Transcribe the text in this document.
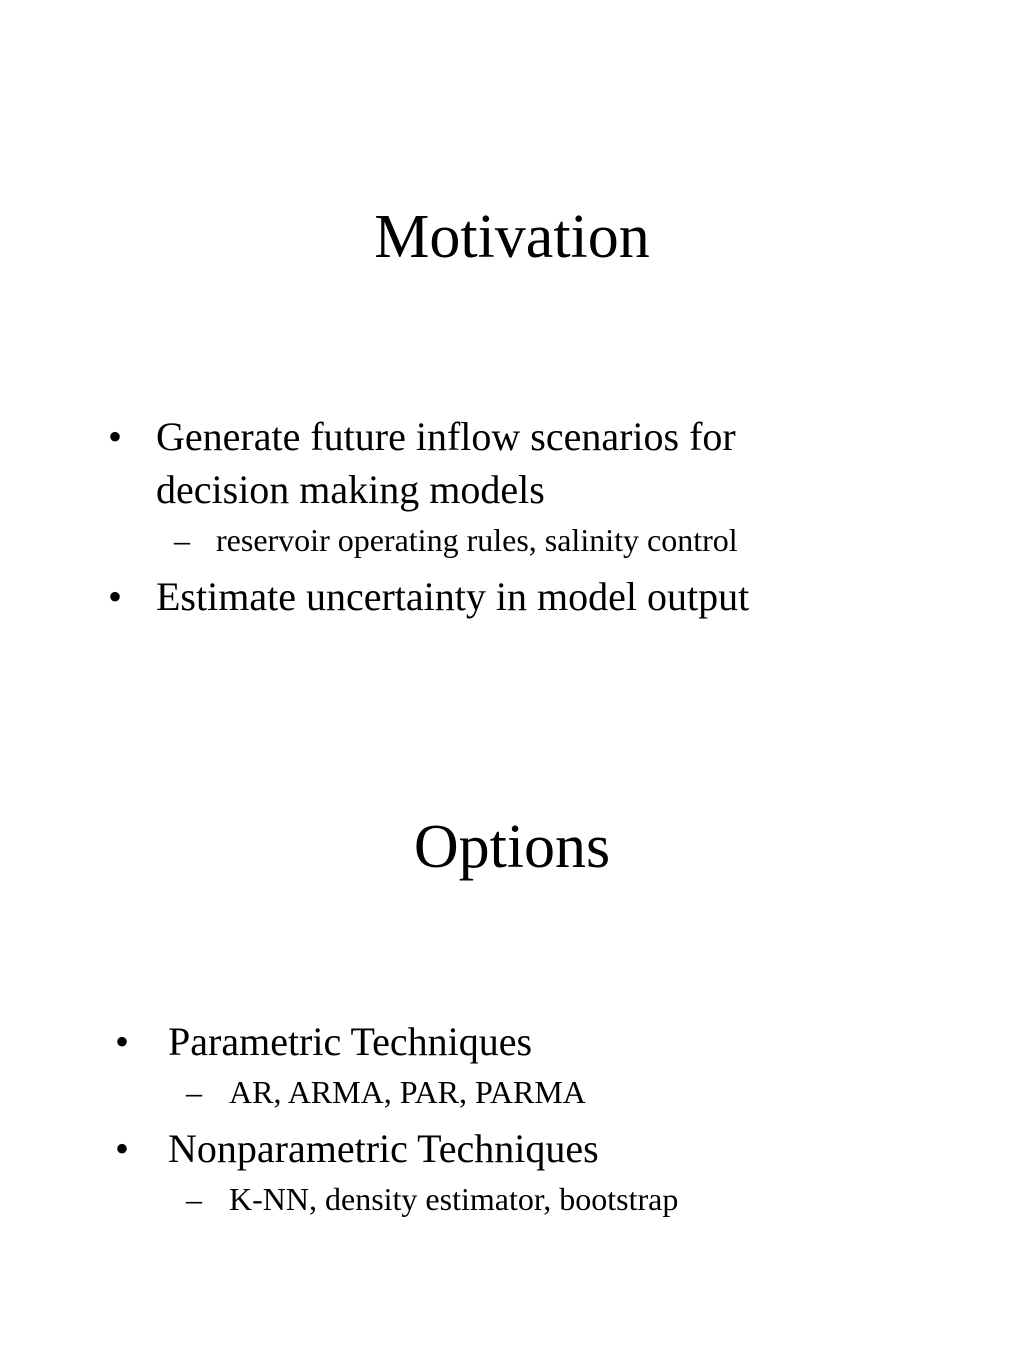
Motivation
• Generate future inflow scenarios for decision making models
– reservoir operating rules, salinity control
• Estimate uncertainty in model output
Options
• Parametric Techniques
– AR, ARMA, PAR, PARMA
• Nonparametric Techniques
– K-NN, density estimator, bootstrap
